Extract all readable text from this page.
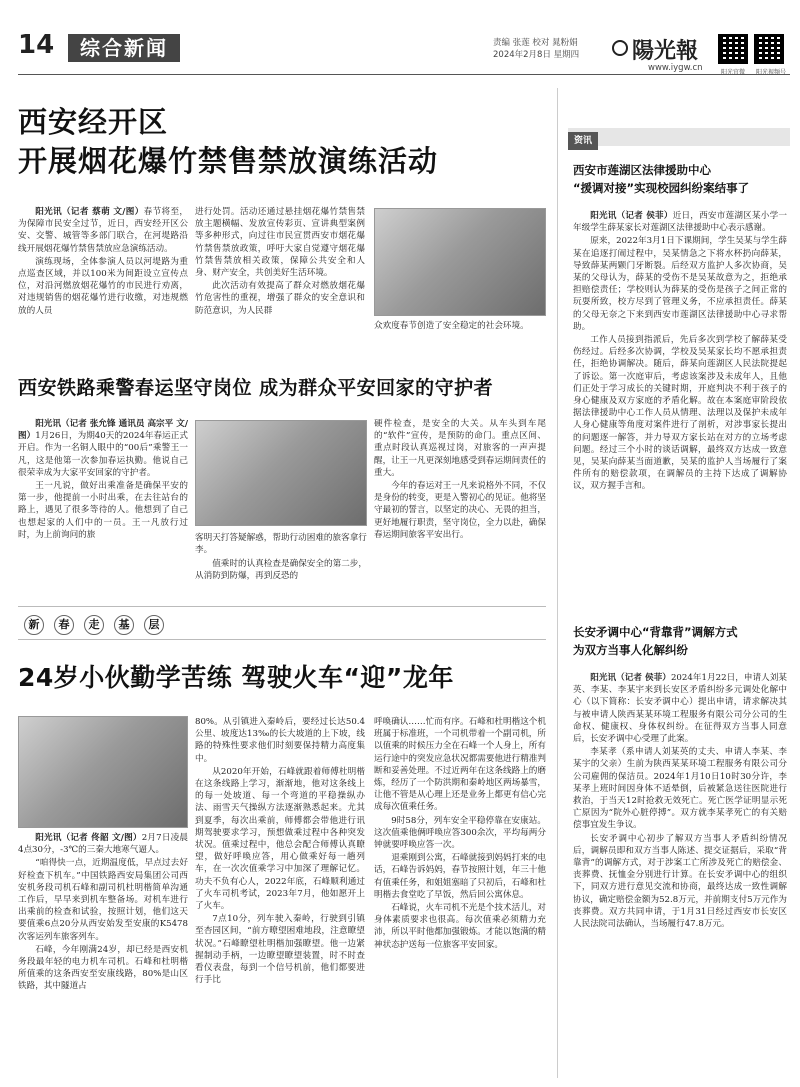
14	综合新闻	责编 张莲 校对 晁粉娟
2024年2月8日 星期四 陽光報
www.iygw.cn	阳光官微	阳光视频号
西安经开区
开展烟花爆竹禁售禁放演练活动

阳光讯（记者 蔡萌 文/图）春节将至，为保障市民安全过节，近日，西安经开区公安、交警、城管等多部门联合，在河堤路沿线开展烟花爆竹禁售禁放应急演练活动。

演练现场，全体参演人员以河堤路为重点巡查区域，并以100米为间距设立宣传点位，对沿河燃放烟花爆竹的市民进行劝离，对违规销售的烟花爆竹进行收缴，对违规燃放的人员

进行处罚。活动还通过悬挂烟花爆竹禁售禁放主题横幅、发放宣传彩页、宣讲典型案例等多种形式，向过往市民宣贯西安市烟花爆竹禁售禁放政策，呼吁大家自觉遵守烟花爆竹禁售禁放相关政策，保障公共安全和人身、财产安全，共创美好生活环境。

此次活动有效提高了群众对燃放烟花爆竹危害性的重视，增强了群众的安全意识和防范意识，为人民群

众欢度春节创造了安全稳定的社会环境。
西安铁路乘警春运坚守岗位 成为群众平安回家的守护者

阳光讯（记者 张允锋 通讯员 高宗平 文/图）1月26日，为期40天的2024年春运正式开启。作为一名铜人眼中的“00后”乘警王一凡，这是他第一次参加春运执勤。他说自己很荣幸成为大家平安回家的守护者。

王一凡说，做好出乘准备是确保平安的第一步，他提前一小时出乘，在去往站台的路上，遇见了很多等待的人。他想到了自己也想起家的人们中的一员。王一凡放行过时，为上前询问的旅	客明天打答疑解惑，帮助行动困难的旅客拿行李。

值乘时的认真检查是确保安全的第二步，从消防到防爆，再到反恐的

硬件检查，是安全的大关。从车头到车尾的“软件”宣传，是预防的命门。重点区间、重点时段认真巡视过岗，对旅客的一声声提醒，让王一凡更深刻地感受到春运期间责任的重大。

今年的春运对王一凡来说格外不同，不仅是身份的转变，更是入警初心的见证。他将坚守最初的誓言，以坚定的决心、无畏的担当，更好地履行职责，坚守岗位，全力以赴，确保春运期间旅客平安出行。

新 春 走 基 层
24岁小伙勤学苦练 驾驶火车“迎”龙年

阳光讯（记者 佟韶 文/图）2月7日凌晨4点30分，-3℃的三秦大地寒气逼人。

“咱得快一点，近期温度低，早点过去好好检查下机车。”中国铁路西安局集团公司西安机务段司机石峰和副司机杜明楷简单沟通工作后，早早来到机车整备场。对机车进行出乘前的检查和试验，按照计划，他们这天要值乘6点20分从西安始发至安康的K5478次客运列车旅客列车。

石峰，今年刚满24岁，却已经是西安机务段最年轻的电力机车司机。石峰和杜明楷所值乘的这条西安至安康线路，80%是山区铁路，其中隧道占

80%。从引镇进入秦岭后，要经过长达50.4公里、坡度达13‰的长大坡道的上下坡，线路的特殊性要求他们时刻要保持精力高度集中。

从2020年开始，石峰就跟着师傅杜明楷在这条线路上学习，渐渐地，他对这条线上的每一处坡道、每一个弯道的平稳操纵办法、雨雪天气操纵方法逐渐熟悉起来。尤其到夏季，每次出乘前，师傅都会带他进行讯期驾驶要求学习，预想做乘过程中各种突发状况。值乘过程中，他总会配合师傅认真瞭望，做好呼唤应答，用心做乘好每一趟列车，在一次次值乘学习中加深了理解记忆。功夫不负有心人，2022年底，石峰顺利通过了火车司机考试，2023年7月，他如愿开上了火车。

7点10分，列车驶入秦岭，行驶到引镇至杏园区间，“前方暸望困难地段，注意瞭望状况。”石峰瞭望杜明楷加强瞭望。他一边紧握制动手柄，一边瞭望瞭望装置，时不时查看仪表盘，每到一个信号机前，他们都要进行手比

呼唤确认……忙而有序。石峰和杜明楷这个机班属于标准班，一个司机带着一个副司机，所以值乘的时候压力全在石峰一个人身上，所有运行途中的突发应急状况都需要他进行精准判断和妥善处理。不过近两年在这条线路上的磨炼，经历了一个防洪期和秦岭地区两场暴雪，让他不管是从心理上还是业务上都更有信心完成每次值乘任务。

9时58分，列车安全平稳停靠在安康站。这次值乘他俩呼唤应答300余次，平均每两分钟就要呼唤应答一次。

退乘刚到公寓，石峰就接到妈妈打来的电话，石峰告诉妈妈，春节按照计划，年三十他有值乘任务，和姐姐塞暗了只初后，石峰和杜明楷去食堂吃了早饭，然后回公寓休息。

石峰说，火车司机不光是个技术活儿，对身体素质要求也很高。每次值乘必须精力充沛，所以平时他都加强锻炼。才能以饱满的精神状态护送每一位旅客平安回家。

资讯
西安市莲湖区法律援助中心
“援调对接”实现校园纠纷案结事了

阳光讯（记者 侯菲）近日，西安市莲湖区某小学一年级学生薛某家长对莲湖区法律援助中心表示感谢。

原来，2022年3月1日下课期间，学生吴某与学生薛某在追逐打闹过程中，吴某情急之下将水杯扔向薛某，导致薛某两颗门牙断裂。后经双方监护人多次协商，吴某的父母认为，薛某的受伤不是吴某故意为之，拒绝承担赔偿责任；学校则认为薛某的受伤是孩子之间正常的玩耍所致，校方尽到了管理义务，不应承担责任。薛某的父母无奈之下来到西安市莲湖区法律援助中心寻求帮助。

工作人员接到指派后，先后多次到学校了解薛某受伤经过。后经多次协调，学校及吴某家长均不愿承担责任，拒绝协调解决。随后，薛某向莲湖区人民法院提起了诉讼。第一次庭审后，考虑该案涉及未成年人，且他们正处于学习成长的关键时期，开庭判决不利于孩子的身心健康及双方家庭的矛盾化解。故在本案庭审阶段依据法律援助中心工作人员从情理、法理以及保护未成年人身心健康等角度对案件进行了剖析，对涉事家长提出的问题逐一解答，并力导双方家长站在对方的立场考虑问题。经过三个小时的谈话调解，最终双方达成一致意见，吴某向薛某当面道歉，吴某的监护人当场履行了案件所有的赔偿款项，在调解员的主持下达成了调解协议，双方握手言和。

长安矛调中心“背靠背”调解方式
为双方当事人化解纠纷

阳光讯（记者 侯菲）2024年1月22日，申请人刘某英、李某、李某宇来到长安区矛盾纠纷多元调处化解中心（以下简称：长安矛调中心）提出申请，请求解决其与被申请人陕西某某环境工程服务有限公司分公司的生命权、健康权、身体权纠纷。在征得双方当事人同意后，长安矛调中心受理了此案。

李某孝（系申请人刘某英的丈夫、申请人李某、李某宇的父亲）生前为陕西某某环境工程服务有限公司分公司雇佣的保洁员。2024年1月10日10时30分许，李某孝上班时间因身体不适晕倒，后被紧急送往医院进行救治，于当天12时抢救无效死亡。死亡医学证明显示死亡原因为“院外心脏停搏”。双方就李某孝死亡的有关赔偿事宜发生争议。

长安矛调中心初步了解双方当事人矛盾纠纷情况后，调解员即和双方当事人陈述、提交证据后，采取“背靠背”的调解方式，对于涉案工亡所涉及死亡的赔偿金、丧葬费、抚恤金分别进行计算。在长安矛调中心的组织下，同双方进行意见交流和协商，最终达成一致性调解协议，确定赔偿金额为52.8万元，并前期支付5万元作为丧葬费。双方共同申请，于1月31日经过西安市长安区人民法院司法确认，当场履行47.8万元。
